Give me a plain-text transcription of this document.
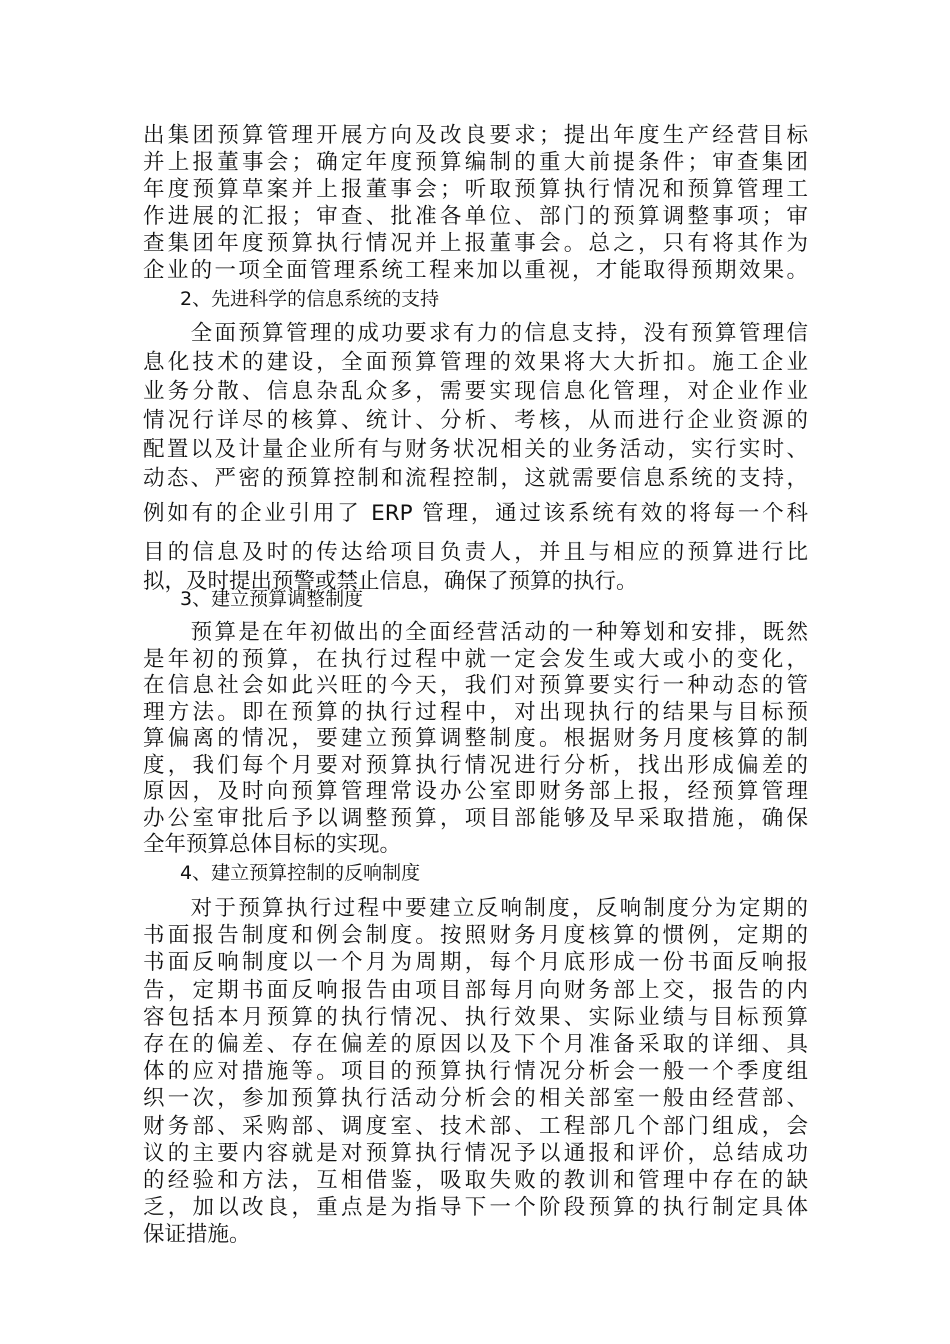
出集团预算管理开展方向及改良要求；提出年度生产经营目标
并上报董事会；确定年度预算编制的重大前提条件；审查集团
年度预算草案并上报董事会；听取预算执行情况和预算管理工
作进展的汇报；审查、批准各单位、部门的预算调整事项；审
查集团年度预算执行情况并上报董事会。总之，只有将其作为
企业的一项全面管理系统工程来加以重视，才能取得预期效果。
2、先进科学的信息系统的支持
　　全面预算管理的成功要求有力的信息支持，没有预算管理信
息化技术的建设，全面预算管理的效果将大大折扣。施工企业
业务分散、信息杂乱众多，需要实现信息化管理，对企业作业
情况行详尽的核算、统计、分析、考核，从而进行企业资源的
配置以及计量企业所有与财务状况相关的业务活动，实行实时、
动态、严密的预算控制和流程控制，这就需要信息系统的支持，
例如有的企业引用了 ERP 管理，通过该系统有效的将每一个科
目的信息及时的传达给项目负责人，并且与相应的预算进行比
拟，及时提出预警或禁止信息，确保了预算的执行。
3、建立预算调整制度
　　预算是在年初做出的全面经营活动的一种筹划和安排，既然
是年初的预算，在执行过程中就一定会发生或大或小的变化，
在信息社会如此兴旺的今天，我们对预算要实行一种动态的管
理方法。即在预算的执行过程中，对出现执行的结果与目标预
算偏离的情况，要建立预算调整制度。根据财务月度核算的制
度，我们每个月要对预算执行情况进行分析，找出形成偏差的
原因，及时向预算管理常设办公室即财务部上报，经预算管理
办公室审批后予以调整预算，项目部能够及早采取措施，确保
全年预算总体目标的实现。
4、建立预算控制的反响制度
　　对于预算执行过程中要建立反响制度，反响制度分为定期的
书面报告制度和例会制度。按照财务月度核算的惯例，定期的
书面反响制度以一个月为周期，每个月底形成一份书面反响报
告，定期书面反响报告由项目部每月向财务部上交，报告的内
容包括本月预算的执行情况、执行效果、实际业绩与目标预算
存在的偏差、存在偏差的原因以及下个月准备采取的详细、具
体的应对措施等。项目的预算执行情况分析会一般一个季度组
织一次，参加预算执行活动分析会的相关部室一般由经营部、
财务部、采购部、调度室、技术部、工程部几个部门组成，会
议的主要内容就是对预算执行情况予以通报和评价，总结成功
的经验和方法，互相借鉴，吸取失败的教训和管理中存在的缺
乏，加以改良，重点是为指导下一个阶段预算的执行制定具体
保证措施。
